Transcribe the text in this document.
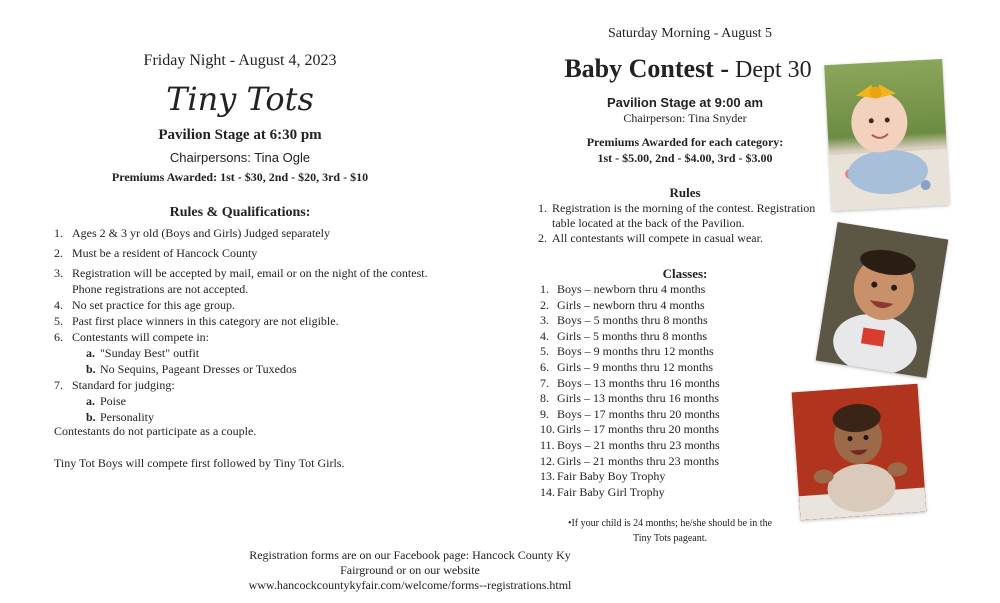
Friday Night - August 4, 2023
Tiny Tots
Pavilion Stage at 6:30 pm
Chairpersons: Tina Ogle
Premiums Awarded: 1st - $30, 2nd - $20, 3rd - $10
Rules & Qualifications:
1. Ages 2 & 3 yr old (Boys and Girls) Judged separately
2. Must be a resident of Hancock County
3. Registration will be accepted by mail, email or on the night of the contest. Phone registrations are not accepted.
4. No set practice for this age group.
5. Past first place winners in this category are not eligible.
6. Contestants will compete in:
a. "Sunday Best" outfit
b. No Sequins, Pageant Dresses or Tuxedos
7. Standard for judging:
a. Poise
b. Personality
Contestants do not participate as a couple.
Tiny Tot Boys will compete first followed by Tiny Tot Girls.
Saturday Morning - August 5
Baby Contest - Dept 30
Pavilion Stage at 9:00 am
Chairperson: Tina Snyder
Premiums Awarded for each category:
1st - $5.00, 2nd - $4.00, 3rd - $3.00
Rules
1. Registration is the morning of the contest. Registration table located at the back of the Pavilion.
2. All contestants will compete in casual wear.
Classes:
1. Boys – newborn thru 4 months
2. Girls – newborn thru 4 months
3. Boys – 5 months thru 8 months
4. Girls – 5 months thru 8 months
5. Boys – 9 months thru 12 months
6. Girls – 9 months thru 12 months
7. Boys – 13 months thru 16 months
8. Girls – 13 months thru 16 months
9. Boys – 17 months thru 20 months
10. Girls – 17 months thru 20 months
11. Boys – 21 months thru 23 months
12. Girls – 21 months thru 23 months
13. Fair Baby Boy Trophy
14. Fair Baby Girl Trophy
•If your child is 24 months; he/she should be in the
Tiny Tots pageant.
Registration forms are on our Facebook page: Hancock County Ky
Fairground or on our website
www.hancockcountykyfair.com/welcome/forms--registrations.html
